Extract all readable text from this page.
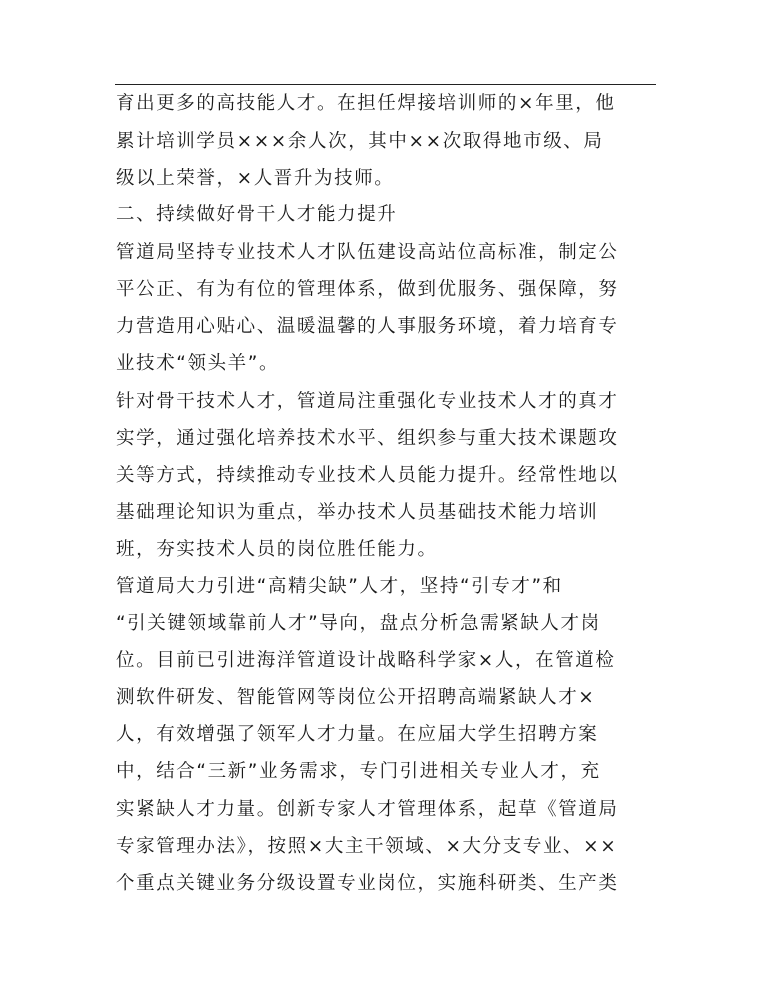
育出更多的高技能人才。在担任焊接培训师的×年里，他
累计培训学员×××余人次，其中××次取得地市级、局
级以上荣誉，×人晋升为技师。
二、持续做好骨干人才能力提升
管道局坚持专业技术人才队伍建设高站位高标准，制定公
平公正、有为有位的管理体系，做到优服务、强保障，努
力营造用心贴心、温暖温馨的人事服务环境，着力培育专
业技术“领头羊”。
针对骨干技术人才，管道局注重强化专业技术人才的真才
实学，通过强化培养技术水平、组织参与重大技术课题攻
关等方式，持续推动专业技术人员能力提升。经常性地以
基础理论知识为重点，举办技术人员基础技术能力培训
班，夯实技术人员的岗位胜任能力。
管道局大力引进“高精尖缺”人才，坚持“引专才”和
“引关键领域靠前人才”导向，盘点分析急需紧缺人才岗
位。目前已引进海洋管道设计战略科学家×人，在管道检
测软件研发、智能管网等岗位公开招聘高端紧缺人才×
人，有效增强了领军人才力量。在应届大学生招聘方案
中，结合“三新”业务需求，专门引进相关专业人才，充
实紧缺人才力量。创新专家人才管理体系，起草《管道局
专家管理办法》，按照×大主干领域、×大分支专业、××
个重点关键业务分级设置专业岗位，实施科研类、生产类
